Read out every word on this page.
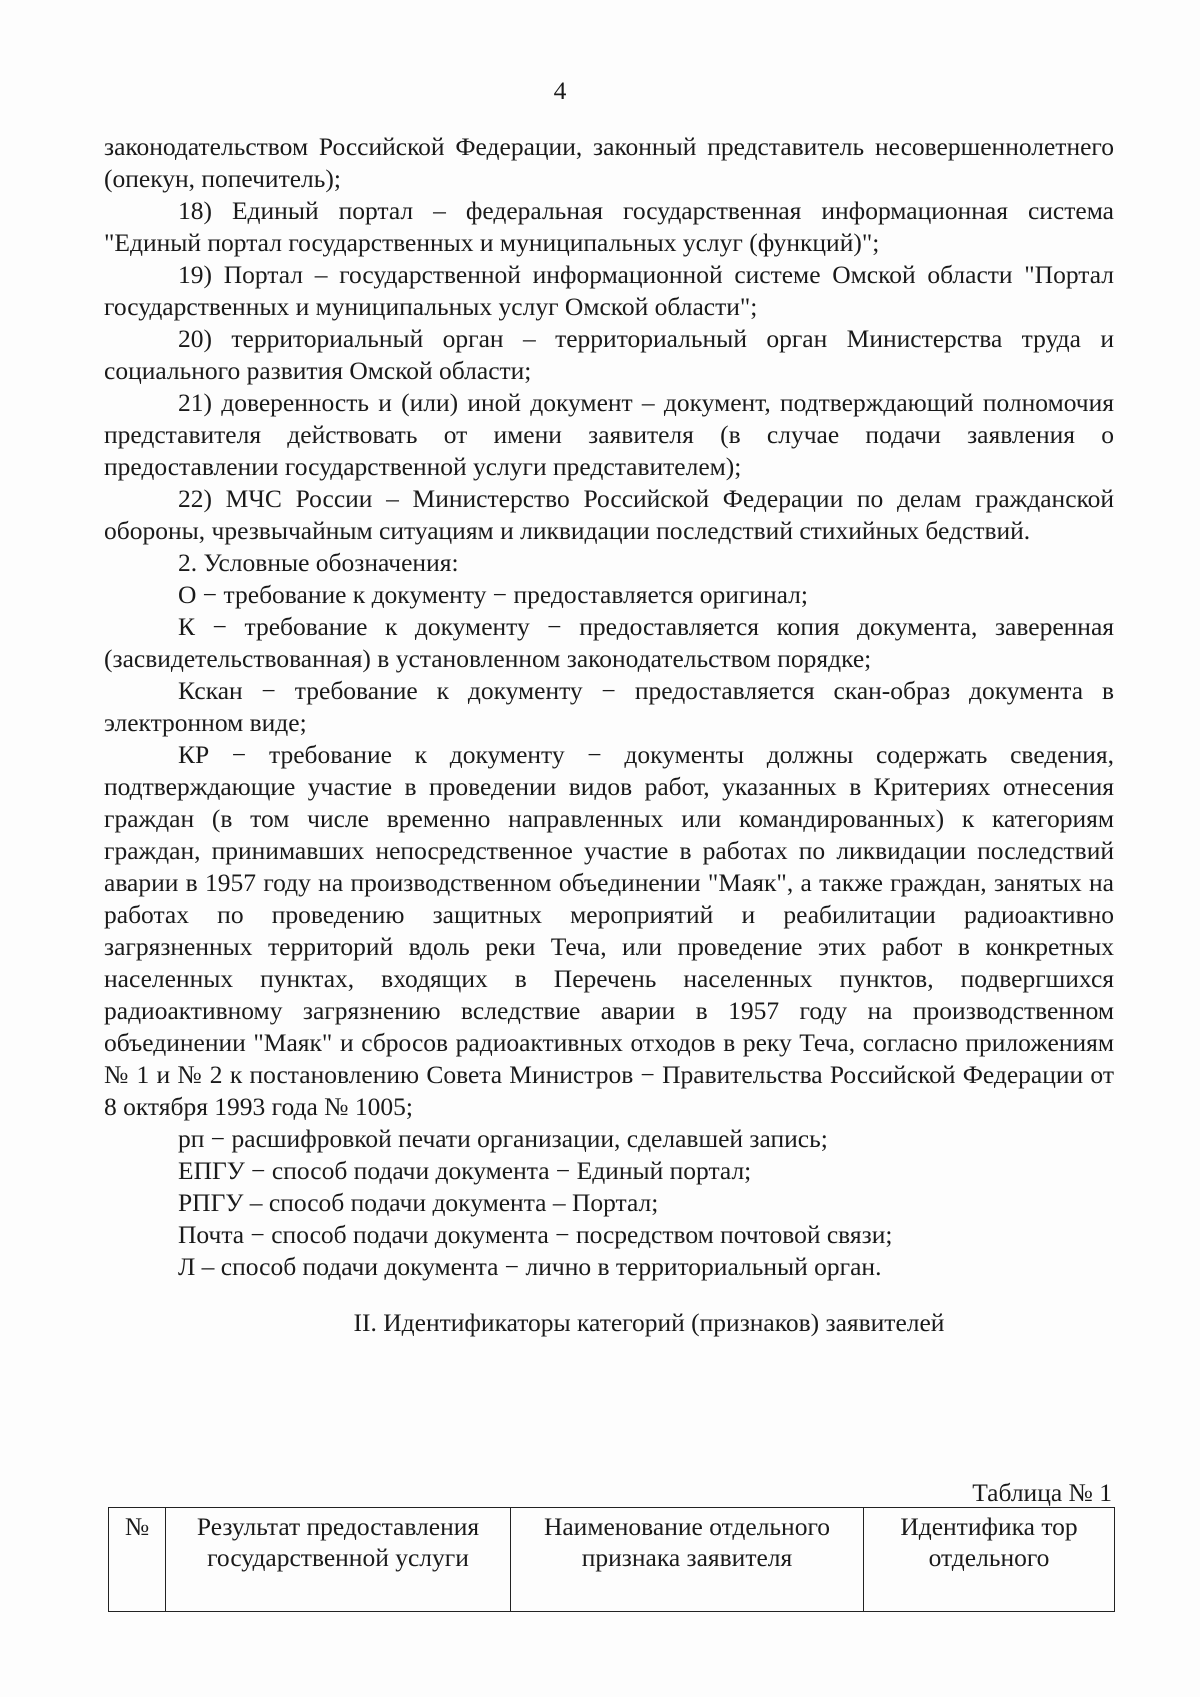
4

законодательством Российской Федерации, законный представитель несовершеннолетнего (опекун, попечитель);

18) Единый портал – федеральная государственная информационная система "Единый портал государственных и муниципальных услуг (функций)";

19) Портал – государственной информационной системе Омской области "Портал государственных и муниципальных услуг Омской области";

20) территориальный орган – территориальный орган Министерства труда и социального развития Омской области;

21) доверенность и (или) иной документ – документ, подтверждающий полномочия представителя действовать от имени заявителя (в случае подачи заявления о предоставлении государственной услуги представителем);

22) МЧС России – Министерство Российской Федерации по делам гражданской обороны, чрезвычайным ситуациям и ликвидации последствий стихийных бедствий.

2. Условные обозначения:

О − требование к документу − предоставляется оригинал;

К − требование к документу − предоставляется копия документа, заверенная (засвидетельствованная) в установленном законодательством порядке;

Кскан − требование к документу − предоставляется скан-образ документа в электронном виде;

КР − требование к документу − документы должны содержать сведения, подтверждающие участие в проведении видов работ, указанных в Критериях отнесения граждан (в том числе временно направленных или командированных) к категориям граждан, принимавших непосредственное участие в работах по ликвидации последствий аварии в 1957 году на производственном объединении "Маяк", а также граждан, занятых на работах по проведению защитных мероприятий и реабилитации радиоактивно загрязненных территорий вдоль реки Теча, или проведение этих работ в конкретных населенных пунктах, входящих в Перечень населенных пунктов, подвергшихся радиоактивному загрязнению вследствие аварии в 1957 году на производственном объединении "Маяк" и сбросов радиоактивных отходов в реку Теча, согласно приложениям № 1 и № 2 к постановлению Совета Министров − Правительства Российской Федерации от 8 октября 1993 года № 1005;

рп − расшифровкой печати организации, сделавшей запись;

ЕПГУ − способ подачи документа − Единый портал;

РПГУ – способ подачи документа – Портал;

Почта − способ подачи документа − посредством почтовой связи;

Л – способ подачи документа − лично в территориальный орган.

II. Идентификаторы категорий (признаков) заявителей

Таблица № 1
№	Результат предоставления государственной услуги	Наименование отдельного признака заявителя	Идентифика тор отдельного
